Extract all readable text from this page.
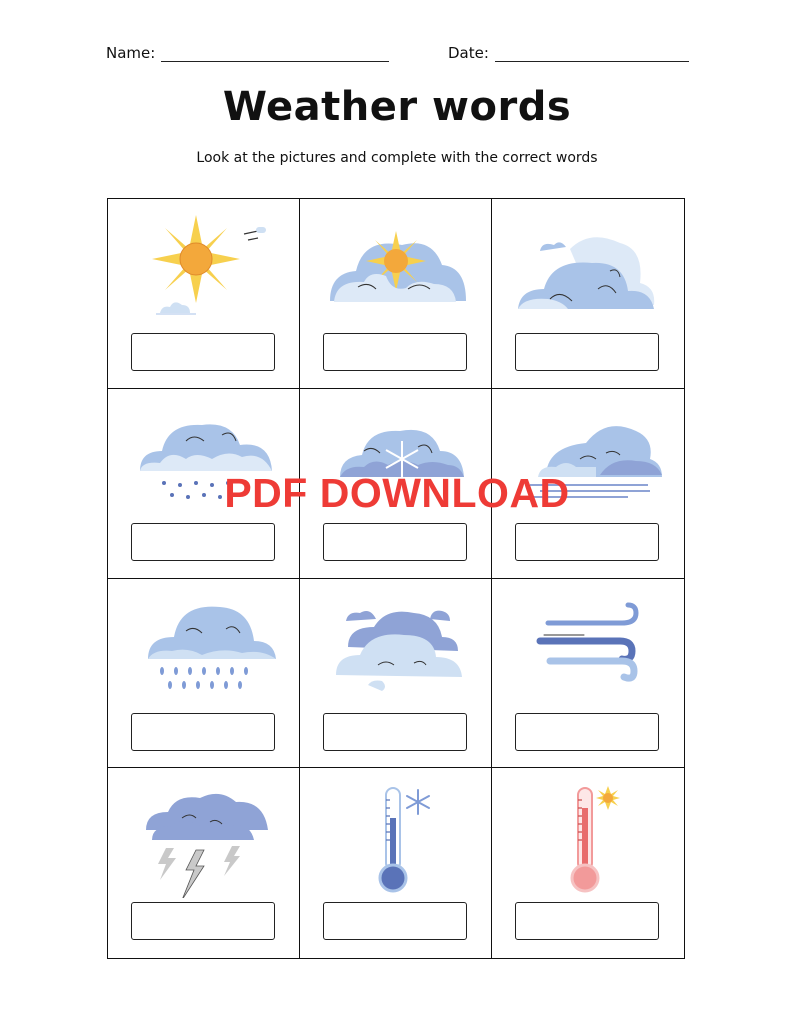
Name:	Date:
Weather words
Look at the pictures and complete with the correct words
PDF DOWNLOAD
